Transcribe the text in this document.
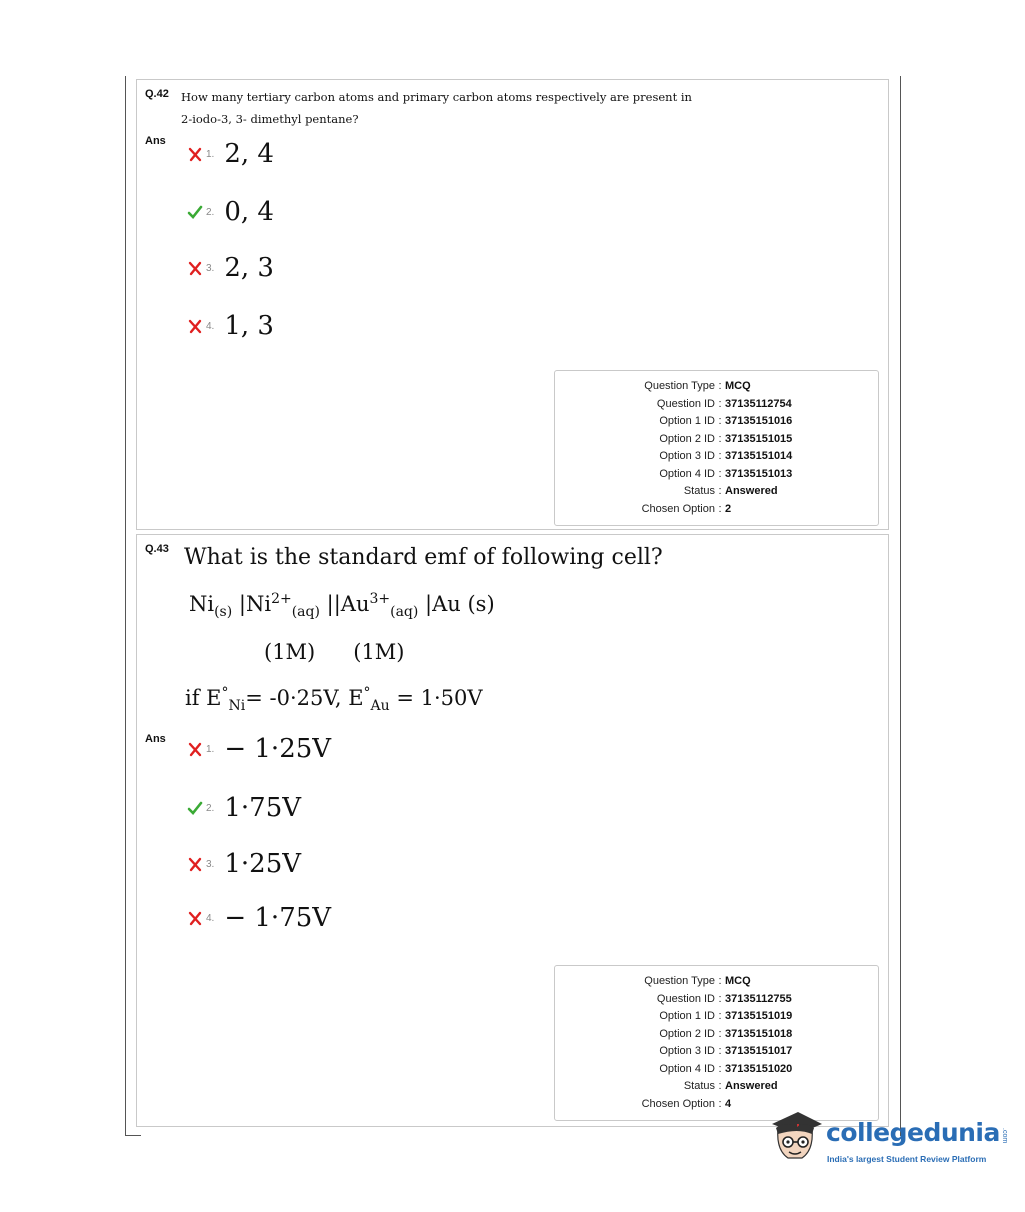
Q.42 How many tertiary carbon atoms and primary carbon atoms respectively are present in
2-iodo-3, 3- dimethyl pentane?
Ans
1. 2, 4
2. 0, 4
3. 2, 3
4. 1, 3
Question Type : MCQ
Question ID : 37135112754
Option 1 ID : 37135151016
Option 2 ID : 37135151015
Option 3 ID : 37135151014
Option 4 ID : 37135151013
Status : Answered
Chosen Option : 2
Q.43 What is the standard emf of following cell?
$Ni_{(s)}$ $|Ni^{2+}_{(aq)}$ $||Au^{3+}_{(aq)}$ |Au (s)
(1M) (1M)
if $E^\circ_{Ni}= -0\cdot 25V$, $E^\circ_{Au} = 1\cdot 50V$
Ans
1. − 1·25V
2. 1·75V
3. 1·25V
4. − 1·75V
Question Type : MCQ
Question ID : 37135112755
Option 1 ID : 37135151019
Option 2 ID : 37135151018
Option 3 ID : 37135151017
Option 4 ID : 37135151020
Status : Answered
Chosen Option : 4
collegedunia .com
India's largest Student Review Platform
